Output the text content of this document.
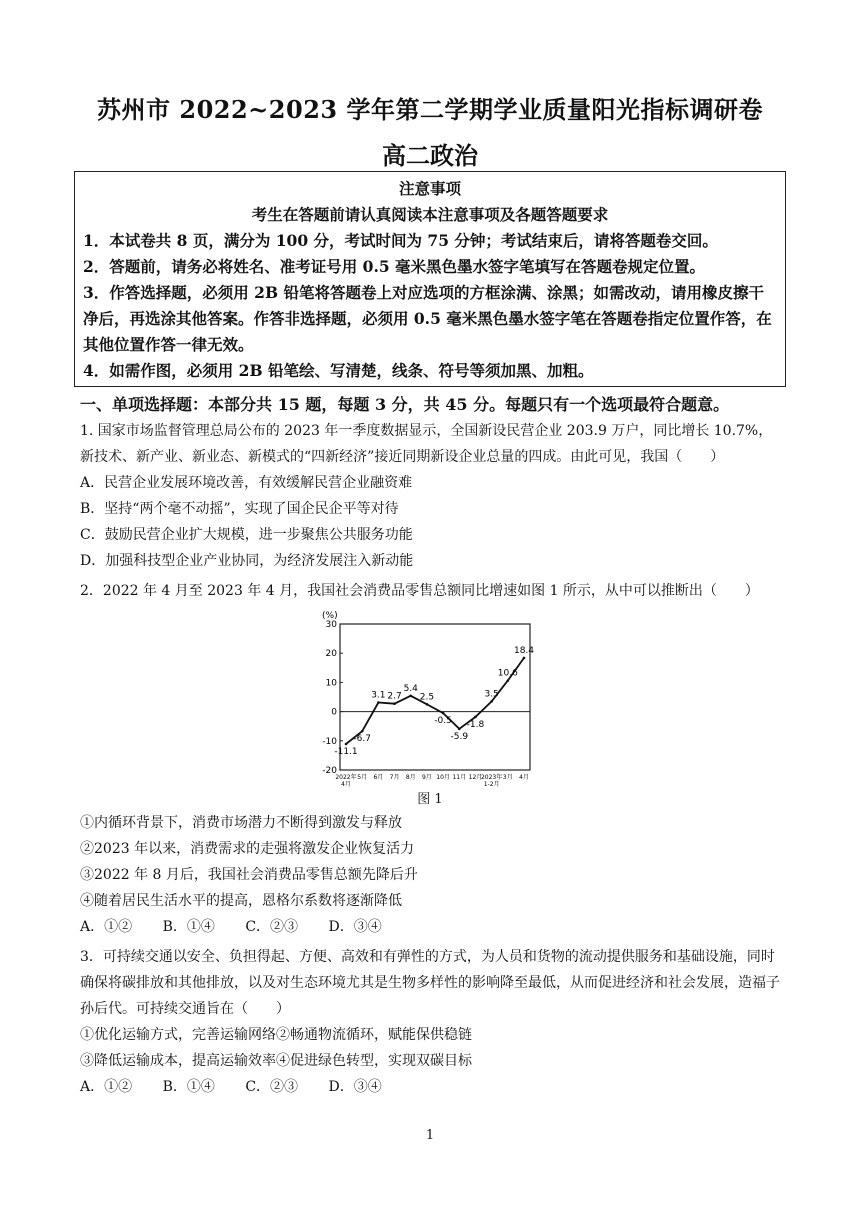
苏州市 2022~2023 学年第二学期学业质量阳光指标调研卷
高二政治

注意事项

考生在答题前请认真阅读本注意事项及各题答题要求

1．本试卷共 8 页，满分为 100 分，考试时间为 75 分钟；考试结束后，请将答题卷交回。

2．答题前，请务必将姓名、准考证号用 0.5 毫米黑色墨水签字笔填写在答题卷规定位置。

3．作答选择题，必须用 2B 铅笔将答题卷上对应选项的方框涂满、涂黑；如需改动，请用橡皮擦干净后，再选涂其他答案。作答非选择题，必须用 0.5 毫米黑色墨水签字笔在答题卷指定位置作答，在其他位置作答一律无效。

4．如需作图，必须用 2B 铅笔绘、写清楚，线条、符号等须加黑、加粗。

一、单项选择题：本部分共 15 题，每题 3 分，共 45 分。每题只有一个选项最符合题意。

1. 国家市场监督管理总局公布的 2023 年一季度数据显示，全国新设民营企业 203.9 万户，同比增长 10.7%，新技术、新产业、新业态、新模式的“四新经济”接近同期新设企业总量的四成。由此可见，我国（　　）

A．民营企业发展环境改善，有效缓解民营企业融资难

B．坚持“两个毫不动摇”，实现了国企民企平等对待

C．鼓励民营企业扩大规模，进一步聚焦公共服务功能

D．加强科技型企业产业协同，为经济发展注入新动能

2．2022 年 4 月至 2023 年 4 月，我国社会消费品零售总额同比增速如图 1 所示，从中可以推断出（　　）

(%)
30
20
10
0
-10
-20
-11.1
-6.7
3.1 2.7
5.4
2.5
-0.5
-5.9
-1.8
3.5
10.6
18.4
2022年
4月
5月 6月 7月 8月 9月 10月 11月 12月
2023年
1-2月
3月 4月
图 1

①内循环背景下，消费市场潜力不断得到激发与释放

②2023 年以来，消费需求的走强将激发企业恢复活力

③2022 年 8 月后，我国社会消费品零售总额先降后升

④随着居民生活水平的提高，恩格尔系数将逐渐降低

A．①② B．①④ C．②③ D．③④

3．可持续交通以安全、负担得起、方便、高效和有弹性的方式，为人员和货物的流动提供服务和基础设施，同时确保将碳排放和其他排放，以及对生态环境尤其是生物多样性的影响降至最低，从而促进经济和社会发展，造福子孙后代。可持续交通旨在（　　）

①优化运输方式，完善运输网络②畅通物流循环，赋能保供稳链

③降低运输成本，提高运输效率④促进绿色转型，实现双碳目标

A．①② B．①④ C．②③ D．③④

1
